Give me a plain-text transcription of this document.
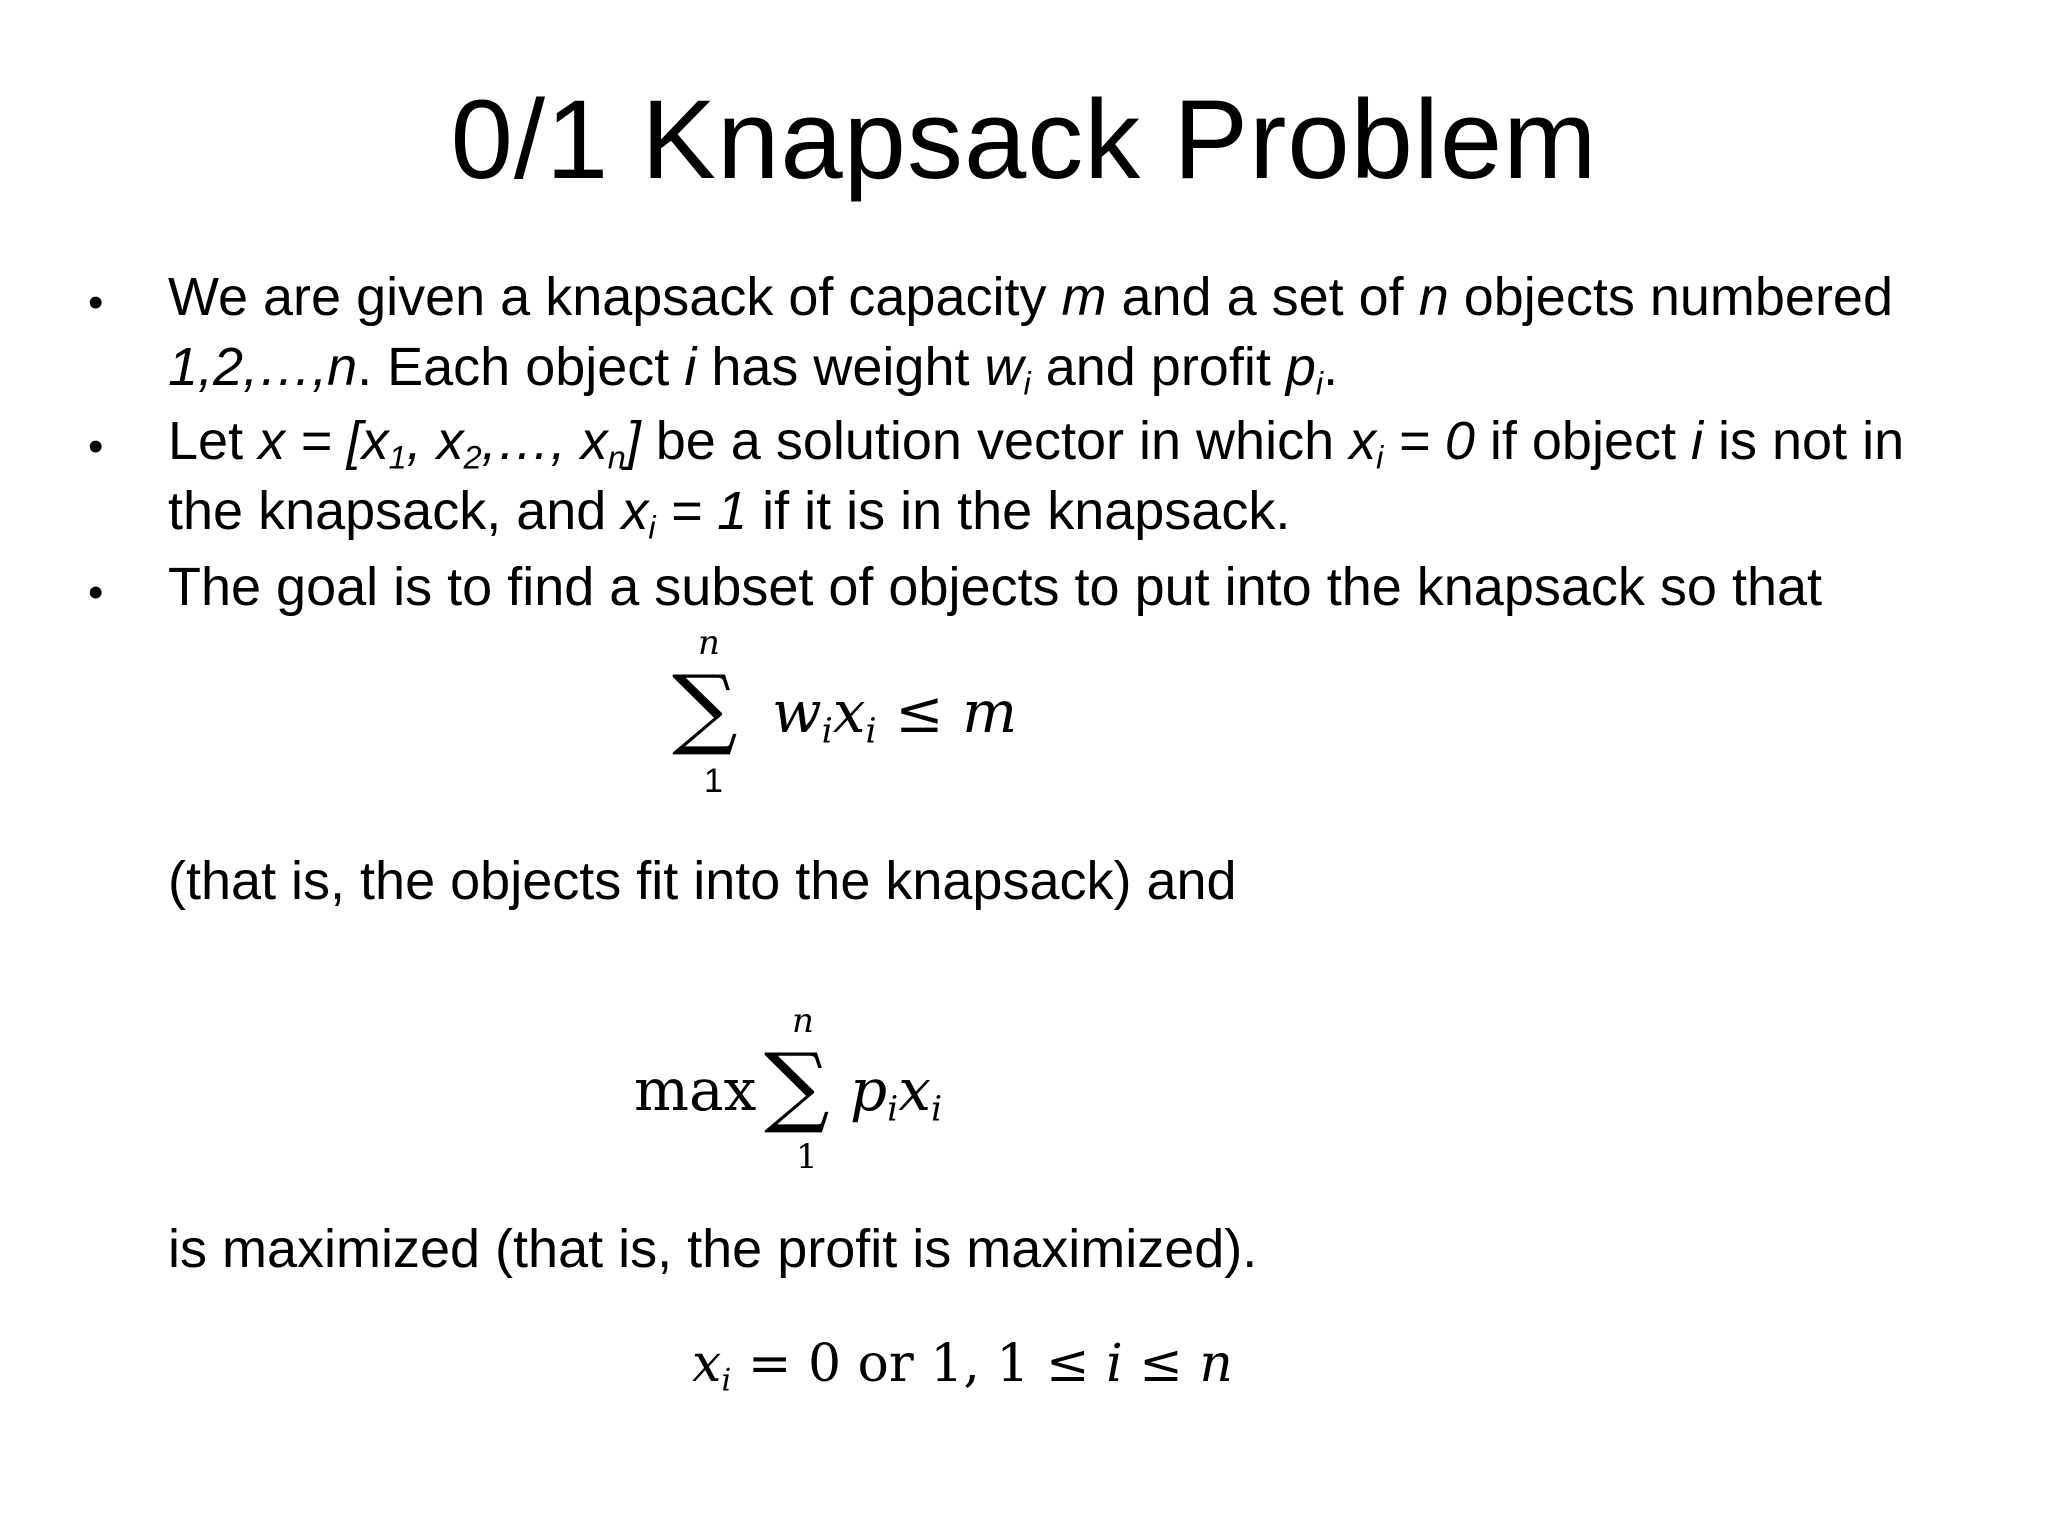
0/1 Knapsack Problem
• We are given a knapsack of capacity m and a set of n objects numbered
1,2,…,n. Each object i has weight $w_i$ and profit $p_i$.
• Let $x = [x_1$, $x_2,\dots$, $x_n$] be a solution vector in which $x_i = 0$ if object i is not in
the knapsack, and $x_i = 1$ if it is in the knapsack.
• The goal is to find a subset of objects to put into the knapsack so that
n
∑
1
$w_ix_i \le m$
(that is, the objects fit into the knapsack) and
max
n
∑
1
$p_ix_i$
is maximized (that is, the profit is maximized).
$x_i = 0$ or 1, 1 ≤ i ≤ n
